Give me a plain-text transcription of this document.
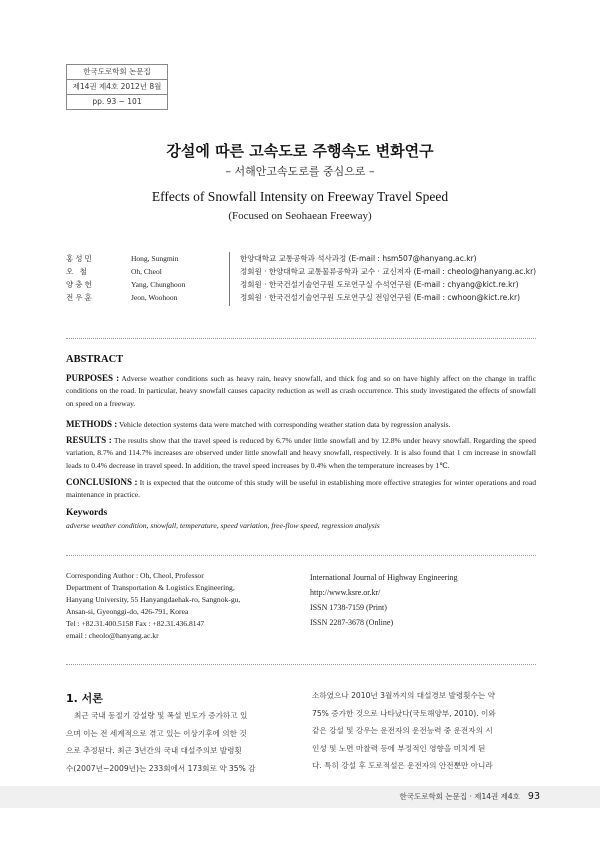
한국도로학회 논문집
제14권 제4호 2012년 8월
pp. 93 ~ 101
강설에 따른 고속도로 주행속도 변화연구
– 서해안고속도로를 중심으로 –
Effects of Snowfall Intensity on Freeway Travel Speed
(Focused on Seohaean Freeway)
홍성민	Hong, Sungmin	한양대학교 교통공학과 석사과정 (E-mail : hsm507@hanyang.ac.kr)
오 철	Oh, Cheol	정회원 · 한양대학교 교통물류공학과 교수 · 교신저자 (E-mail : cheolo@hanyang.ac.kr)
양충헌	Yang, Chunghoon	정회원 · 한국건설기술연구원 도로연구실 수석연구원 (E-mail : chyang@kict.re.kr)
전우훈	Jeon, Woohoon	정회원 · 한국건설기술연구원 도로연구실 전임연구원 (E-mail : cwhoon@kict.re.kr)
ABSTRACT
PURPOSES : Adverse weather conditions such as heavy rain, heavy snowfall, and thick fog and so on have highly affect on the change in traffic conditions on the road. In particular, heavy snowfall causes capacity reduction as well as crash occurrence. This study investigated the effects of snowfall on speed on a freeway.
METHODS : Vehicle detection systems data were matched with corresponding weather station data by regression analysis.
RESULTS : The results show that the travel speed is reduced by 6.7% under little snowfall and by 12.8% under heavy snowfall. Regarding the speed variation, 8.7% and 114.7% increases are observed under little snowfall and heavy snowfall, respectively. It is also found that 1 cm increase in snowfall leads to 0.4% decrease in travel speed. In addition, the travel speed increases by 0.4% when the temperature increases by 1℃.
CONCLUSIONS : It is expected that the outcome of this study will be useful in establishing more effective strategies for winter operations and road maintenance in practice.
Keywords
adverse weather condition, snowfall, temperature, speed variation, free-flow speed, regression analysis
Corresponding Author : Oh, Cheol, Professor
Department of Transportation & Logistics Engineering,
Hanyang University, 55 Hanyangdaehak-ro, Sangnok-gu,
Ansan-si, Gyeonggi-do, 426-791, Korea
Tel : +82.31.400.5158 Fax : +82.31.436.8147
email : cheolo@hanyang.ac.kr
International Journal of Highway Engineering
http://www.ksre.or.kr/
ISSN 1738-7159 (Print)
ISSN 2287-3678 (Online)
1. 서론
최근 국내 동절기 강설량 및 폭설 빈도가 증가하고 있
으며 이는 전 세계적으로 겪고 있는 이상기후에 의한 것
으로 추정된다. 최근 3년간의 국내 대설주의보 발령횟
수(2007년~2009년)는 233회에서 173회로 약 35% 감
소하였으나 2010년 3월까지의 대설경보 발령횟수는 약
75% 증가한 것으로 나타났다(국토해양부, 2010). 이와
같은 강설 및 강우는 운전자의 운전능력 중 운전자의 시
인성 및 노면 마찰력 등에 부정적인 영향을 미치게 된
다. 특히 강설 후 도로적설은 운전자의 안전뿐만 아니라
한국도로학회 논문집 · 제14권 제4호 93
